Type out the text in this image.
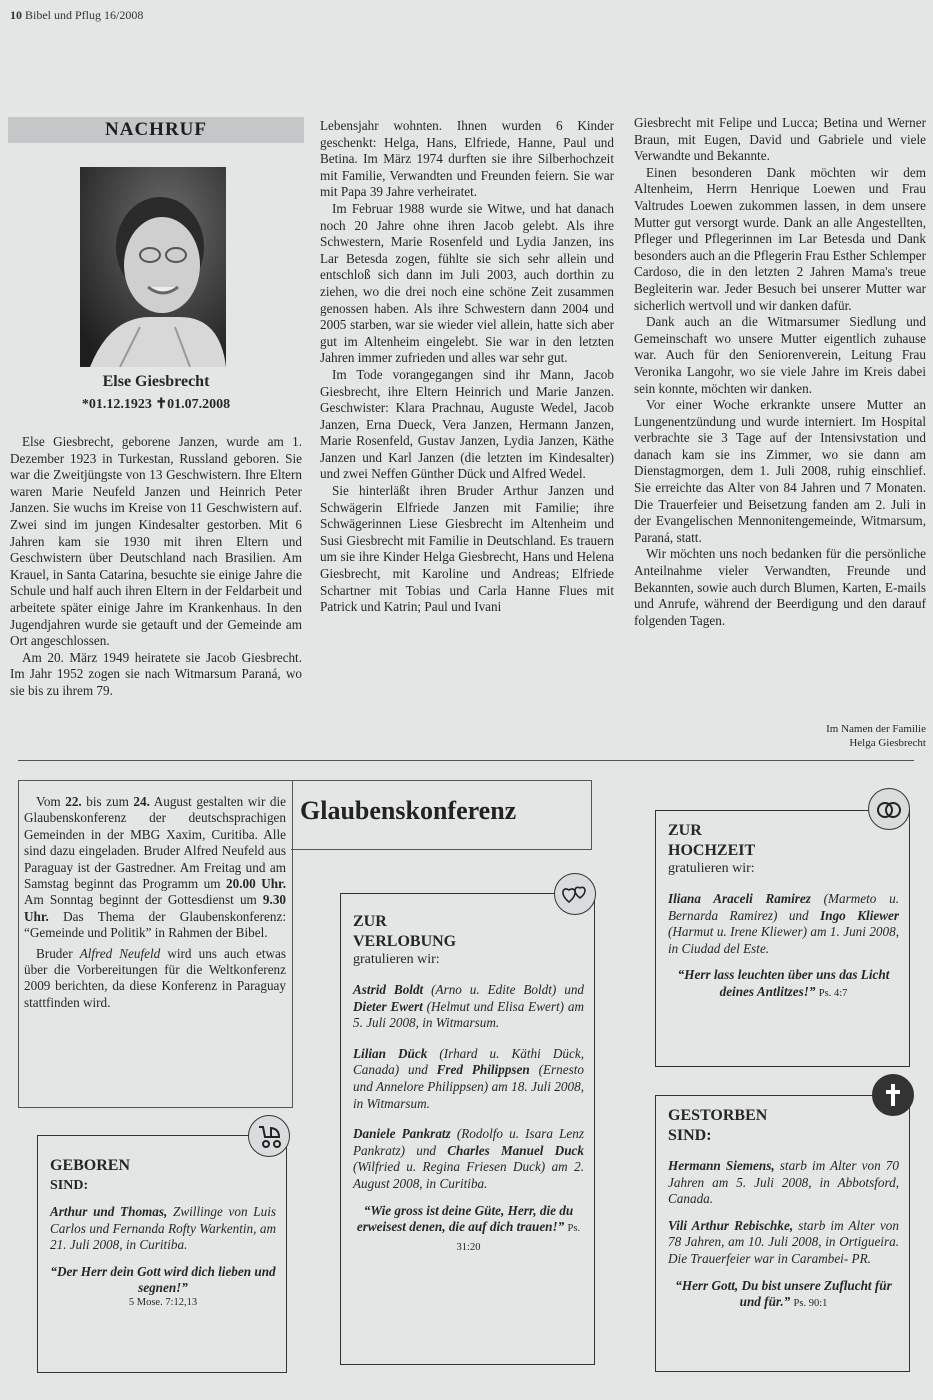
10 Bibel und Pflug 16/2008
NACHRUF
Else Giesbrecht
*01.12.1923 ✝01.07.2008

Else Giesbrecht, geborene Janzen, wurde am 1. Dezember 1923 in Turkestan, Russland geboren. Sie war die Zweitjüngste von 13 Geschwistern. Ihre Eltern waren Marie Neufeld Janzen und Heinrich Peter Janzen. Sie wuchs im Kreise von 11 Geschwistern auf. Zwei sind im jungen Kindesalter gestorben. Mit 6 Jahren kam sie 1930 mit ihren Eltern und Geschwistern über Deutschland nach Brasilien. Am Krauel, in Santa Catarina, besuchte sie einige Jahre die Schule und half auch ihren Eltern in der Feldarbeit und arbeitete später einige Jahre im Krankenhaus. In den Jugendjahren wurde sie getauft und der Gemeinde am Ort angeschlossen.

Am 20. März 1949 heiratete sie Jacob Giesbrecht. Im Jahr 1952 zogen sie nach Witmarsum Paraná, wo sie bis zu ihrem 79.

Lebensjahr wohnten. Ihnen wurden 6 Kinder geschenkt: Helga, Hans, Elfriede, Hanne, Paul und Betina. Im März 1974 durften sie ihre Silberhochzeit mit Familie, Verwandten und Freunden feiern. Sie war mit Papa 39 Jahre verheiratet.

Im Februar 1988 wurde sie Witwe, und hat danach noch 20 Jahre ohne ihren Jacob gelebt. Als ihre Schwestern, Marie Rosenfeld und Lydia Janzen, ins Lar Betesda zogen, fühlte sie sich sehr allein und entschloß sich dann im Juli 2003, auch dorthin zu ziehen, wo die drei noch eine schöne Zeit zusammen genossen haben. Als ihre Schwestern dann 2004 und 2005 starben, war sie wieder viel allein, hatte sich aber gut im Altenheim eingelebt. Sie war in den letzten Jahren immer zufrieden und alles war sehr gut.

Im Tode vorangegangen sind ihr Mann, Jacob Giesbrecht, ihre Eltern Heinrich und Marie Janzen. Geschwister: Klara Prachnau, Auguste Wedel, Jacob Janzen, Erna Dueck, Vera Janzen, Hermann Janzen, Marie Rosenfeld, Gustav Janzen, Lydia Janzen, Käthe Janzen und Karl Janzen (die letzten im Kindesalter) und zwei Neffen Günther Dück und Alfred Wedel.

Sie hinterläßt ihren Bruder Arthur Janzen und Schwägerin Elfriede Janzen mit Familie; ihre Schwägerinnen Liese Giesbrecht im Altenheim und Susi Giesbrecht mit Familie in Deutschland. Es trauern um sie ihre Kinder Helga Giesbrecht, Hans und Helena Giesbrecht, mit Karoline und Andreas; Elfriede Schartner mit Tobias und Carla Hanne Flues mit Patrick und Katrin; Paul und Ivani

Giesbrecht mit Felipe und Lucca; Betina und Werner Braun, mit Eugen, David und Gabriele und viele Verwandte und Bekannte.

Einen besonderen Dank möchten wir dem Altenheim, Herrn Henrique Loewen und Frau Valtrudes Loewen zukommen lassen, in dem unsere Mutter gut versorgt wurde. Dank an alle Angestellten, Pfleger und Pflegerinnen im Lar Betesda und Dank besonders auch an die Pflegerin Frau Esther Schlemper Cardoso, die in den letzten 2 Jahren Mama's treue Begleiterin war. Jeder Besuch bei unserer Mutter war sicherlich wertvoll und wir danken dafür.

Dank auch an die Witmarsumer Siedlung und Gemeinschaft wo unsere Mutter eigentlich zuhause war. Auch für den Seniorenverein, Leitung Frau Veronika Langohr, wo sie viele Jahre im Kreis dabei sein konnte, möchten wir danken.

Vor einer Woche erkrankte unsere Mutter an Lungenentzündung und wurde interniert. Im Hospital verbrachte sie 3 Tage auf der Intensivstation und danach kam sie ins Zimmer, wo sie dann am Dienstagmorgen, dem 1. Juli 2008, ruhig einschlief. Sie erreichte das Alter von 84 Jahren und 7 Monaten. Die Trauerfeier und Beisetzung fanden am 2. Juli in der Evangelischen Mennonitengemeinde, Witmarsum, Paraná, statt.

Wir möchten uns noch bedanken für die persönliche Anteilnahme vieler Verwandten, Freunde und Bekannten, sowie auch durch Blumen, Karten, E-mails und Anrufe, während der Beerdigung und den darauf folgenden Tagen.

Im Namen der Familie
Helga Giesbrecht
Glaubenskonferenz

Vom 22. bis zum 24. August gestalten wir die Glaubenskonferenz der deutschsprachigen Gemeinden in der MBG Xaxim, Curitiba. Alle sind dazu eingeladen. Bruder Alfred Neufeld aus Paraguay ist der Gastredner. Am Freitag und am Samstag beginnt das Programm um 20.00 Uhr. Am Sonntag beginnt der Gottesdienst um 9.30 Uhr. Das Thema der Glaubenskonferenz: “Gemeinde und Politik” in Rahmen der Bibel.

Bruder Alfred Neufeld wird uns auch etwas über die Vorbereitungen für die Weltkonferenz 2009 berichten, da diese Konferenz in Paraguay stattfinden wird.

GEBOREN
SIND:
Arthur und Thomas, Zwillinge von Luis Carlos und Fernanda Rofty Warkentin, am 21. Juli 2008, in Curitiba.
“Der Herr dein Gott wird dich lieben und segnen!”
5 Mose. 7:12,13
ZUR
VERLOBUNG
gratulieren wir:
Astrid Boldt (Arno u. Edite Boldt) und Dieter Ewert (Helmut und Elisa Ewert) am 5. Juli 2008, in Witmarsum.
Lilian Dück (Irhard u. Käthi Dück, Canada) und Fred Philippsen (Ernesto und Annelore Philippsen) am 18. Juli 2008, in Witmarsum.
Daniele Pankratz (Rodolfo u. Isara Lenz Pankratz) und Charles Manuel Duck (Wilfried u. Regina Friesen Duck) am 2. August 2008, in Curitiba.
“Wie gross ist deine Güte, Herr, die du erweisest denen, die auf dich trauen!” Ps. 31:20
ZUR
HOCHZEIT
gratulieren wir:
Iliana Araceli Ramirez (Marmeto u. Bernarda Ramirez) und Ingo Kliewer (Harmut u. Irene Kliewer) am 1. Juni 2008, in Ciudad del Este.
“Herr lass leuchten über uns das Licht deines Antlitzes!” Ps. 4:7
GESTORBEN
SIND:
Hermann Siemens, starb im Alter von 70 Jahren am 5. Juli 2008, in Abbotsford, Canada.
Vili Arthur Rebischke, starb im Alter von 78 Jahren, am 10. Juli 2008, in Ortigueira. Die Trauerfeier war in Carambei- PR.
“Herr Gott, Du bist unsere Zuflucht für und für.” Ps. 90:1
